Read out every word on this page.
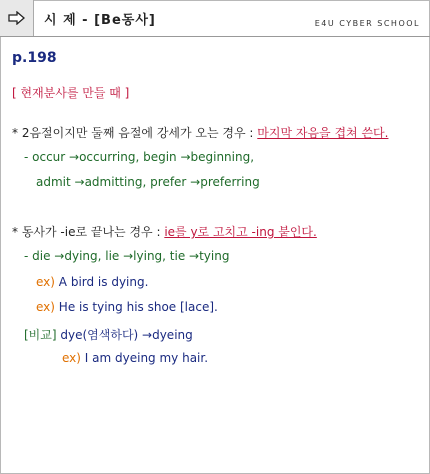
시 제 - [Be동사]	E4U CYBER SCHOOL
p.198
[ 현재분사를 만들 때 ]
* 2음절이지만 둘째 음절에 강세가 오는 경우 : 마지막 자음을 겹쳐 쓴다.
- occur →occurring, begin →beginning,
admit →admitting, prefer →preferring
* 동사가 -ie로 끝나는 경우 : ie를 y로 고치고 -ing 붙인다.
- die →dying, lie →lying, tie →tying
ex) A bird is dying.
ex) He is tying his shoe [lace].
[비교] dye(염색하다) →dyeing
ex) I am dyeing my hair.
